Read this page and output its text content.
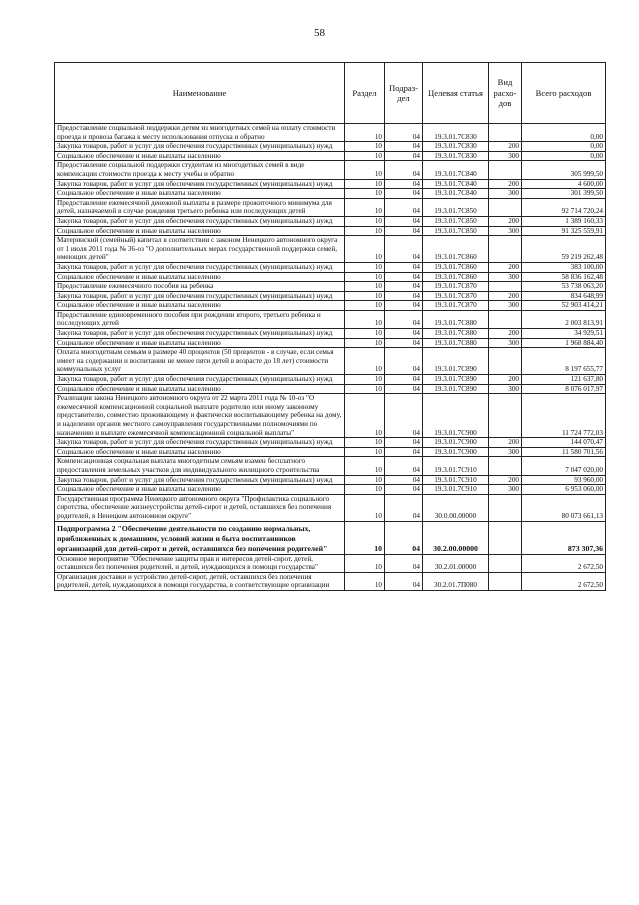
58
Наименование	Раздел	Подраз-дел	Целевая статья	Вид расхо-дов	Всего расходов
Предоставление социальной поддержки детям из многодетных семей на оплату стоимости проезда и провоза багажа к месту использования отпуска и обратно	10	04	19.3.01.7С830		0,00
Закупка товаров, работ и услуг для обеспечения государственных (муниципальных) нужд	10	04	19.3.01.7С830	200	0,00
Социальное обеспечение и иные выплаты населению	10	04	19.3.01.7С830	300	0,00
Предоставление социальной поддержки студентам из многодетных семей в виде компенсации стоимости проезда к месту учебы и обратно	10	04	19.3.01.7С840		305 999,50
Закупка товаров, работ и услуг для обеспечения государственных (муниципальных) нужд	10	04	19.3.01.7С840	200	4 600,00
Социальное обеспечение и иные выплаты населению	10	04	19.3.01.7С840	300	301 399,50
Предоставление ежемесячной денежной выплаты в размере прожиточного минимума для детей, назначаемой в случае рождения третьего ребенка или последующих детей	10	04	19.3.01.7С850		92 714 720,24
Закупка товаров, работ и услуг для обеспечения государственных (муниципальных) нужд	10	04	19.3.01.7С850	200	1 389 160,33
Социальное обеспечение и иные выплаты населению	10	04	19.3.01.7С850	300	91 325 559,91
Материнский (семейный) капитал в соответствии с законом Ненецкого автономного округа от 1 июля 2011 года № 36-оз "О дополнительных мерах государственной поддержки семей, имеющих детей"	10	04	19.3.01.7С860		59 219 262,48
Закупка товаров, работ и услуг для обеспечения государственных (муниципальных) нужд	10	04	19.3.01.7С860	200	383 100,00
Социальное обеспечение и иные выплаты населению	10	04	19.3.01.7С860	300	58 836 162,48
Предоставление ежемесячного пособия на ребенка	10	04	19.3.01.7С870		53 738 063,20
Закупка товаров, работ и услуг для обеспечения государственных (муниципальных) нужд	10	04	19.3.01.7С870	200	834 648,99
Социальное обеспечение и иные выплаты населению	10	04	19.3.01.7С870	300	52 903 414,21
Предоставление единовременного пособия при рождении второго, третьего ребенка и последующих детей	10	04	19.3.01.7С880		2 003 813,91
Закупка товаров, работ и услуг для обеспечения государственных (муниципальных) нужд	10	04	19.3.01.7С880	200	34 929,51
Социальное обеспечение и иные выплаты населению	10	04	19.3.01.7С880	300	1 968 884,40
Оплата многодетным семьям в размере 40 процентов (50 процентов - в случае, если семья имеет на содержании и воспитании не менее пяти детей в возрасте до 18 лет) стоимости коммунальных услуг	10	04	19.3.01.7С890		8 197 655,77
Закупка товаров, работ и услуг для обеспечения государственных (муниципальных) нужд	10	04	19.3.01.7С890	200	121 637,80
Социальное обеспечение и иные выплаты населению	10	04	19.3.01.7С890	300	8 076 017,97
Реализация закона Ненецкого автономного округа от 22 марта 2011 года № 10-оз "О ежемесячной компенсационной социальной выплате родителю или иному законному представителю, совместно проживающему и фактически воспитывающему ребенка на дому, и наделении органов местного самоуправления государственными полномочиями по назначению и выплате ежемесячной компенсационной социальной выплаты"	10	04	19.3.01.7С900		11 724 772,03
Закупка товаров, работ и услуг для обеспечения государственных (муниципальных) нужд	10	04	19.3.01.7С900	200	144 070,47
Социальное обеспечение и иные выплаты населению	10	04	19.3.01.7С900	300	11 580 701,56
Компенсационная социальная выплата многодетным семьям взамен бесплатного предоставления земельных участков для индивидуального жилищного строительства	10	04	19.3.01.7С910		7 047 020,00
Закупка товаров, работ и услуг для обеспечения государственных (муниципальных) нужд	10	04	19.3.01.7С910	200	93 960,00
Социальное обеспечение и иные выплаты населению	10	04	19.3.01.7С910	300	6 953 060,00
Государственная программа Ненецкого автономного округа "Профилактика социального сиротства, обеспечение жизнеустройства детей-сирот и детей, оставшихся без попечения родителей, в Ненецком автономном округе"	10	04	30.0.00.00000		80 073 661,13
Подпрограмма 2 "Обеспечение деятельности по созданию нормальных, приближенных к домашним, условий жизни и быта воспитанников организаций для детей-сирот и детей, оставшихся без попечения родителей"	10	04	30.2.00.00000		873 307,36
Основное мероприятие "Обеспечение защиты прав и интересов детей-сирот, детей, оставшихся без попечения родителей, и детей, нуждающихся в помощи государства"	10	04	30.2.01.00000		2 672,50
Организация доставки и устройство детей-сирот, детей, оставшихся без попечения родителей, детей, нуждающихся в помощи государства, в соответствующие организации	10	04	30.2.01.7П080		2 672,50
